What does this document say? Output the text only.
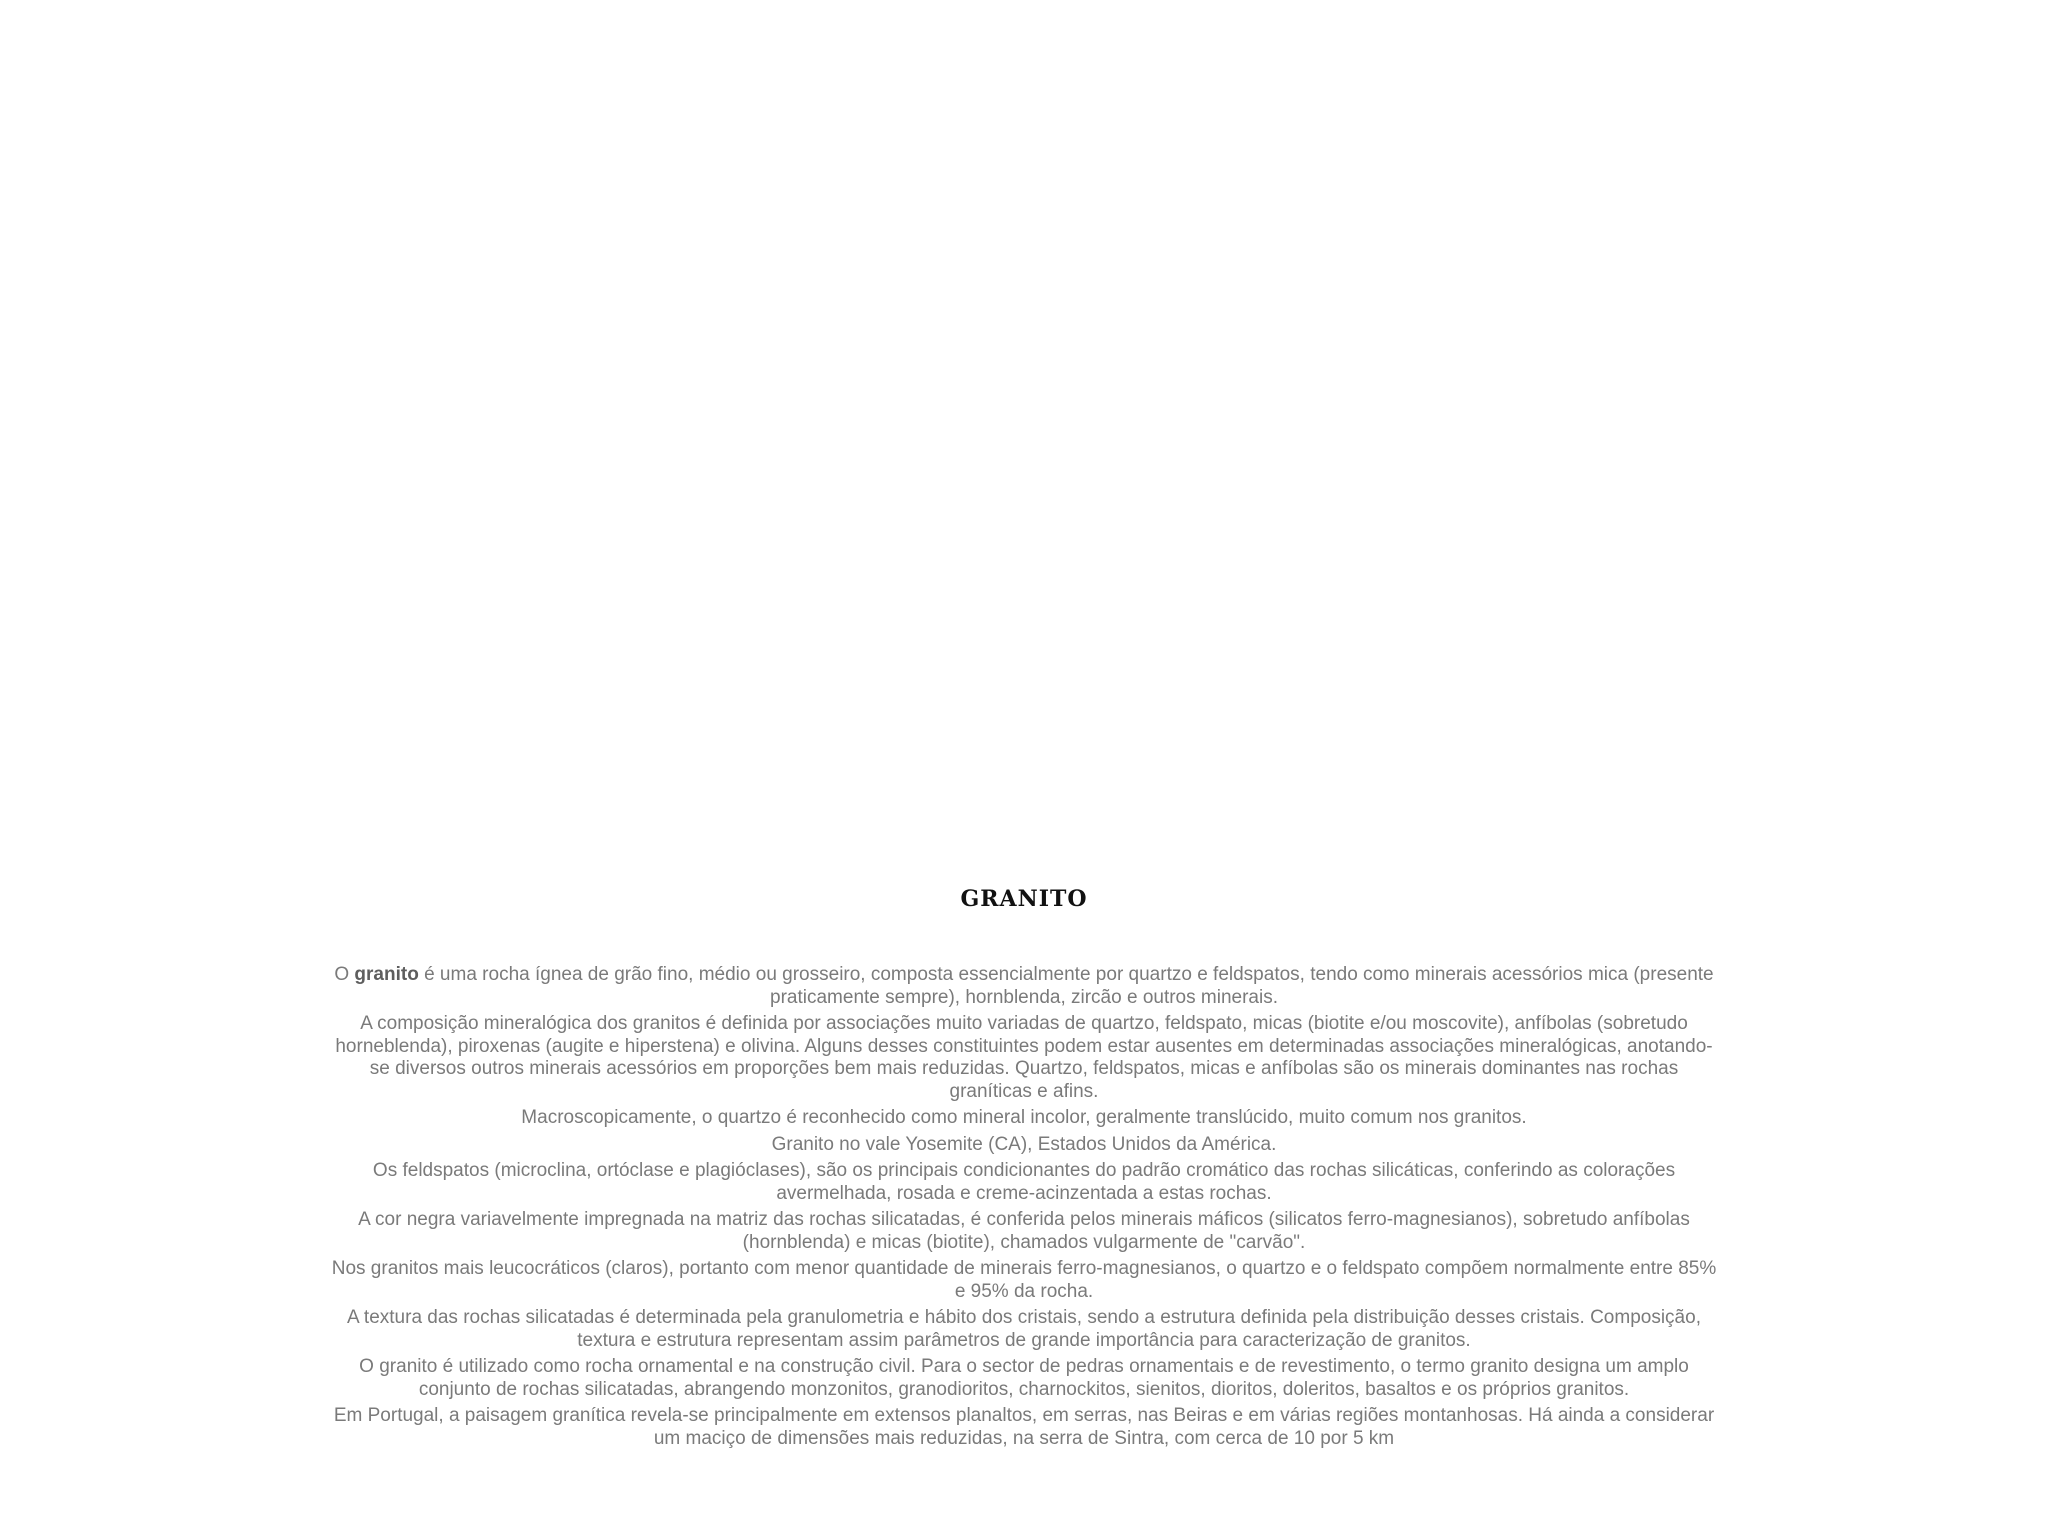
GRANITO

O granito é uma rocha ígnea de grão fino, médio ou grosseiro, composta essencialmente por quartzo e feldspatos, tendo como minerais acessórios mica (presente praticamente sempre), hornblenda, zircão e outros minerais.

A composição mineralógica dos granitos é definida por associações muito variadas de quartzo, feldspato, micas (biotite e/ou moscovite), anfíbolas (sobretudo horneblenda), piroxenas (augite e hiperstena) e olivina. Alguns desses constituintes podem estar ausentes em determinadas associações mineralógicas, anotando-se diversos outros minerais acessórios em proporções bem mais reduzidas. Quartzo, feldspatos, micas e anfíbolas são os minerais dominantes nas rochas graníticas e afins.

Macroscopicamente, o quartzo é reconhecido como mineral incolor, geralmente translúcido, muito comum nos granitos.

Granito no vale Yosemite (CA), Estados Unidos da América.

Os feldspatos (microclina, ortóclase e plagióclases), são os principais condicionantes do padrão cromático das rochas silicáticas, conferindo as colorações avermelhada, rosada e creme-acinzentada a estas rochas.

A cor negra variavelmente impregnada na matriz das rochas silicatadas, é conferida pelos minerais máficos (silicatos ferro-magnesianos), sobretudo anfíbolas (hornblenda) e micas (biotite), chamados vulgarmente de "carvão".

Nos granitos mais leucocráticos (claros), portanto com menor quantidade de minerais ferro-magnesianos, o quartzo e o feldspato compõem normalmente entre 85% e 95% da rocha.

A textura das rochas silicatadas é determinada pela granulometria e hábito dos cristais, sendo a estrutura definida pela distribuição desses cristais. Composição, textura e estrutura representam assim parâmetros de grande importância para caracterização de granitos.

O granito é utilizado como rocha ornamental e na construção civil. Para o sector de pedras ornamentais e de revestimento, o termo granito designa um amplo conjunto de rochas silicatadas, abrangendo monzonitos, granodioritos, charnockitos, sienitos, dioritos, doleritos, basaltos e os próprios granitos.

Em Portugal, a paisagem granítica revela-se principalmente em extensos planaltos, em serras, nas Beiras e em várias regiões montanhosas. Há ainda a considerar um maciço de dimensões mais reduzidas, na serra de Sintra, com cerca de 10 por 5 km
